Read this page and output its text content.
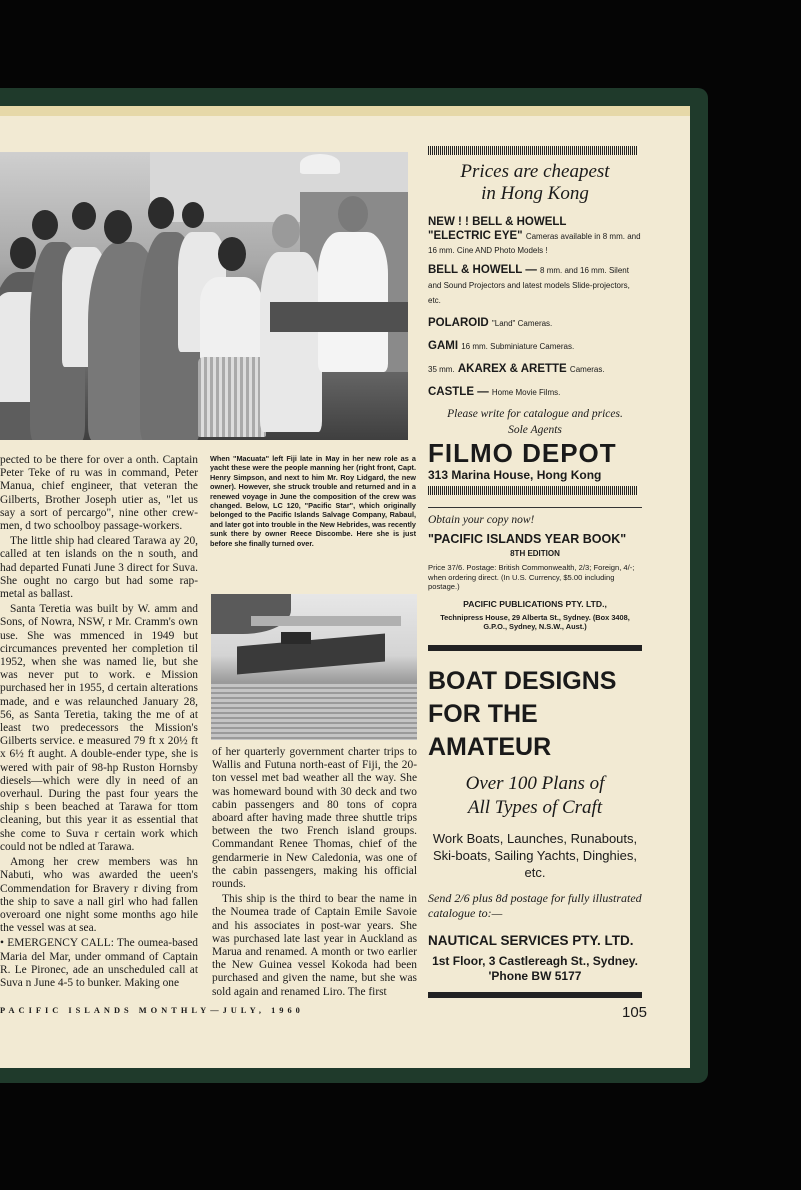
pected to be there for over a onth. Captain Peter Teke of ru was in command, Peter Manua, chief engineer, that veteran the Gilberts, Brother Joseph utier as, "let us say a sort of percargo", nine other crew-men, d two schoolboy passage-workers.

The little ship had cleared Tarawa ay 20, called at ten islands on the n south, and had departed Funati June 3 direct for Suva. She ought no cargo but had some rap-metal as ballast.

Santa Teretia was built by W. amm and Sons, of Nowra, NSW, r Mr. Cramm's own use. She was mmenced in 1949 but circumances prevented her completion til 1952, when she was named lie, but she was never put to work. e Mission purchased her in 1955, d certain alterations made, and e was relaunched January 28, 56, as Santa Teretia, taking the me of at least two predecessors the Mission's Gilberts service. e measured 79 ft x 20½ ft x 6½ ft aught. A double-ender type, she is wered with pair of 98-hp Ruston Hornsby diesels—which were dly in need of an overhaul. During the past four years the ship s been beached at Tarawa for ttom cleaning, but this year it as essential that she come to Suva r certain work which could not be ndled at Tarawa.

Among her crew members was hn Nabuti, who was awarded the ueen's Commendation for Bravery r diving from the ship to save a nall girl who had fallen overoard one night some months ago hile the vessel was at sea.

• EMERGENCY CALL: The oumea-based Maria del Mar, under ommand of Captain R. Le Pironec, ade an unscheduled call at Suva n June 4-5 to bunker. Making one

When "Macuata" left Fiji late in May in her new role as a yacht these were the people manning her (right front, Capt. Henry Simpson, and next to him Mr. Roy Lidgard, the new owner). However, she struck trouble and returned and in a renewed voyage in June the composition of the crew was changed. Below, LC 120, "Pacific Star", which originally belonged to the Pacific Islands Salvage Company, Rabaul, and later got into trouble in the New Hebrides, was recently sunk there by owner Reece Discombe. Here she is just before she finally turned over.

of her quarterly government charter trips to Wallis and Futuna north-east of Fiji, the 20-ton vessel met bad weather all the way. She was homeward bound with 30 deck and two cabin passengers and 80 tons of copra aboard after having made three shuttle trips between the two French island groups. Commandant Renee Thomas, chief of the gendarmerie in New Caledonia, was one of the cabin passengers, making his official rounds.

This ship is the third to bear the name in the Noumea trade of Captain Emile Savoie and his associates in post-war years. She was purchased late last year in Auckland as Marua and renamed. A month or two earlier the New Guinea vessel Kokoda had been purchased and given the name, but she was sold again and renamed Liro. The first

Prices are cheapest
in Hong Kong
NEW ! ! BELL & HOWELL
"ELECTRIC EYE" Cameras available in 8 mm. and 16 mm. Cine AND Photo Models !
BELL & HOWELL — 8 mm. and 16 mm. Silent and Sound Projectors and latest models Slide-projectors, etc.
POLAROID "Land" Cameras.
GAMI 16 mm. Subminiature Cameras.
35 mm. AKAREX & ARETTE Cameras.
CASTLE — Home Movie Films.
Please write for catalogue and prices.
Sole Agents
FILMO DEPOT
313 Marina House, Hong Kong
Obtain your copy now!
"PACIFIC ISLANDS YEAR BOOK"
8TH EDITION
Price 37/6. Postage: British Commonwealth, 2/3; Foreign, 4/-; when ordering direct. (In U.S. Currency, $5.00 including postage.)
PACIFIC PUBLICATIONS PTY. LTD.,
Technipress House, 29 Alberta St., Sydney. (Box 3408, G.P.O., Sydney, N.S.W., Aust.)
BOAT DESIGNS
FOR THE
AMATEUR
Over 100 Plans of
All Types of Craft
Work Boats, Launches, Runabouts, Ski-boats, Sailing Yachts, Dinghies, etc.
Send 2/6 plus 8d postage for fully illustrated catalogue to:—
NAUTICAL SERVICES PTY. LTD.
1st Floor, 3 Castlereagh St., Sydney. 'Phone BW 5177
PACIFIC ISLANDS MONTHLY—JULY, 1960	105
